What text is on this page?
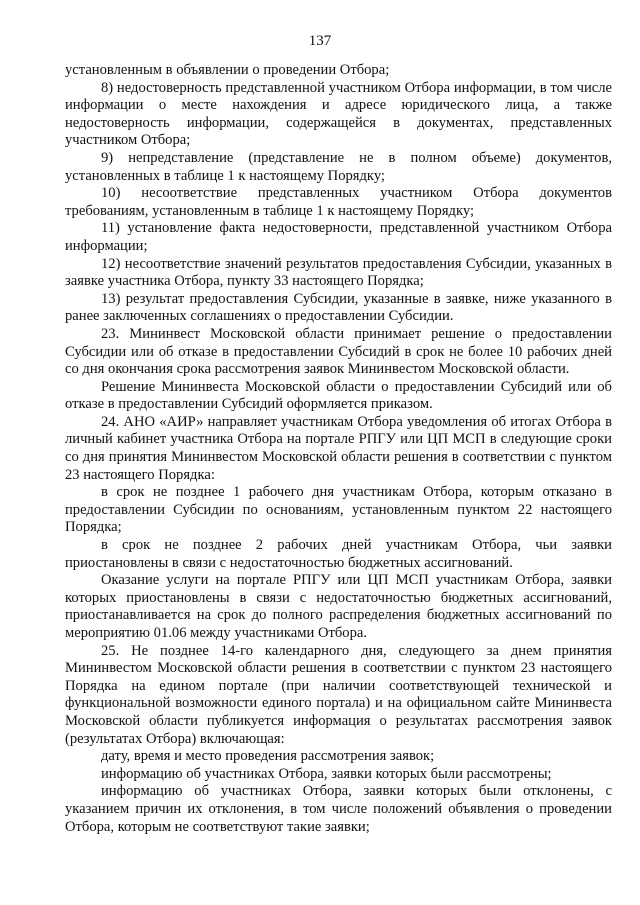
137

установленным в объявлении о проведении Отбора;

8) недостоверность представленной участником Отбора информации, в том числе информации о месте нахождения и адресе юридического лица, а также недостоверность информации, содержащейся в документах, представленных участником Отбора;

9) непредставление (представление не в полном объеме) документов, установленных в таблице 1 к настоящему Порядку;

10) несоответствие представленных участником Отбора документов требованиям, установленным в таблице 1 к настоящему Порядку;

11) установление факта недостоверности, представленной участником Отбора информации;

12) несоответствие значений результатов предоставления Субсидии, указанных в заявке участника Отбора, пункту 33 настоящего Порядка;

13) результат предоставления Субсидии, указанные в заявке, ниже указанного в ранее заключенных соглашениях о предоставлении Субсидии.

23. Мининвест Московской области принимает решение о предоставлении Субсидии или об отказе в предоставлении Субсидий в срок не более 10 рабочих дней со дня окончания срока рассмотрения заявок Мининвестом Московской области.

Решение Мининвеста Московской области о предоставлении Субсидий или об отказе в предоставлении Субсидий оформляется приказом.

24. АНО «АИР» направляет участникам Отбора уведомления об итогах Отбора в личный кабинет участника Отбора на портале РПГУ или ЦП МСП в следующие сроки со дня принятия Мининвестом Московской области решения в соответствии с пунктом 23 настоящего Порядка:

в срок не позднее 1 рабочего дня участникам Отбора, которым отказано в предоставлении Субсидии по основаниям, установленным пунктом 22 настоящего Порядка;

в срок не позднее 2 рабочих дней участникам Отбора, чьи заявки приостановлены в связи с недостаточностью бюджетных ассигнований.

Оказание услуги на портале РПГУ или ЦП МСП участникам Отбора, заявки которых приостановлены в связи с недостаточностью бюджетных ассигнований, приостанавливается на срок до полного распределения бюджетных ассигнований по мероприятию 01.06 между участниками Отбора.

25. Не позднее 14-го календарного дня, следующего за днем принятия Мининвестом Московской области решения в соответствии с пунктом 23 настоящего Порядка на едином портале (при наличии соответствующей технической и функциональной возможности единого портала) и на официальном сайте Мининвеста Московской области публикуется информация о результатах рассмотрения заявок (результатах Отбора) включающая:

дату, время и место проведения рассмотрения заявок;

информацию об участниках Отбора, заявки которых были рассмотрены;

информацию об участниках Отбора, заявки которых были отклонены, с указанием причин их отклонения, в том числе положений объявления о проведении Отбора, которым не соответствуют такие заявки;
